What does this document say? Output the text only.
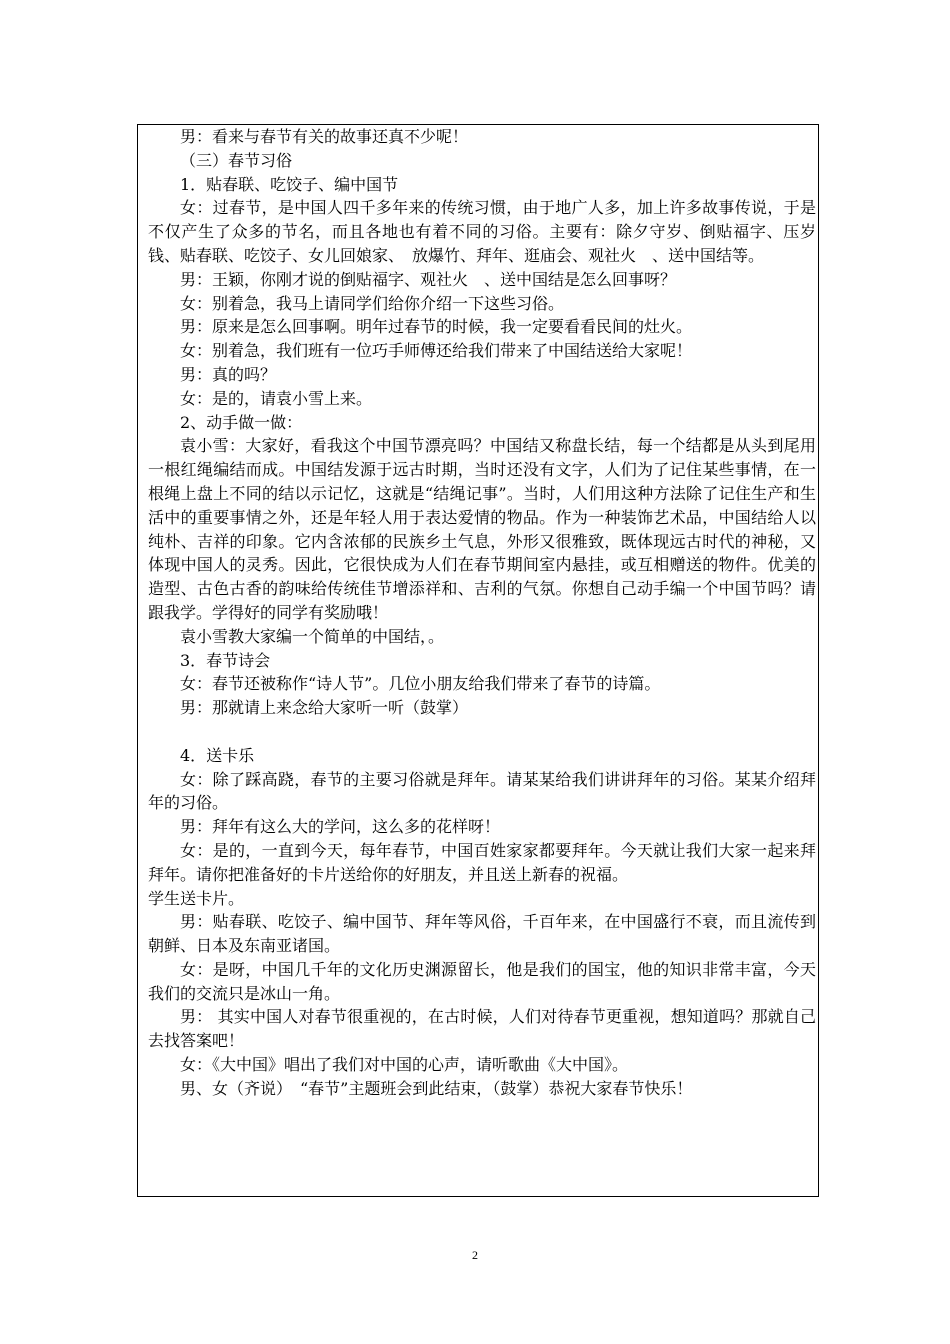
男：看来与春节有关的故事还真不少呢！

（三）春节习俗

1．贴春联、吃饺子、编中国节

女：过春节，是中国人四千多年来的传统习惯，由于地广人多，加上许多故事传说，于是不仅产生了众多的节名，而且各地也有着不同的习俗。主要有：除夕守岁、倒贴福字、压岁钱、贴春联、吃饺子、女儿回娘家、　放爆竹、拜年、逛庙会、观社火　、送中国结等。

男：王颖，你刚才说的倒贴福字、观社火　、送中国结是怎么回事呀？

女：别着急，我马上请同学们给你介绍一下这些习俗。

男：原来是怎么回事啊。明年过春节的时候，我一定要看看民间的灶火。

女：别着急，我们班有一位巧手师傅还给我们带来了中国结送给大家呢！

男：真的吗？

女：是的，请袁小雪上来。

2、动手做一做：

袁小雪：大家好，看我这个中国节漂亮吗？中国结又称盘长结，每一个结都是从头到尾用一根红绳编结而成。中国结发源于远古时期，当时还没有文字，人们为了记住某些事情，在一根绳上盘上不同的结以示记忆，这就是“结绳记事”。当时，人们用这种方法除了记住生产和生活中的重要事情之外，还是年轻人用于表达爱情的物品。作为一种装饰艺术品，中国结给人以纯朴、吉祥的印象。它内含浓郁的民族乡土气息，外形又很雅致，既体现远古时代的神秘，又体现中国人的灵秀。因此，它很快成为人们在春节期间室内悬挂，或互相赠送的物件。优美的造型、古色古香的韵味给传统佳节增添祥和、吉利的气氛。你想自己动手编一个中国节吗？请跟我学。学得好的同学有奖励哦！

袁小雪教大家编一个简单的中国结，。

3．春节诗会

女：春节还被称作“诗人节”。几位小朋友给我们带来了春节的诗篇。

男：那就请上来念给大家听一听（鼓掌）

4．送卡乐

女：除了踩高跷，春节的主要习俗就是拜年。请某某给我们讲讲拜年的习俗。某某介绍拜年的习俗。

男：拜年有这么大的学问，这么多的花样呀！

女：是的，一直到今天，每年春节，中国百姓家家都要拜年。今天就让我们大家一起来拜拜年。请你把准备好的卡片送给你的好朋友，并且送上新春的祝福。

学生送卡片。

男：贴春联、吃饺子、编中国节、拜年等风俗，千百年来，在中国盛行不衰，而且流传到朝鲜、日本及东南亚诸国。

女：是呀，中国几千年的文化历史渊源留长，他是我们的国宝，他的知识非常丰富，今天我们的交流只是冰山一角。

男： 其实中国人对春节很重视的，在古时候，人们对待春节更重视，想知道吗？那就自己去找答案吧！

女：《大中国》唱出了我们对中国的心声，请听歌曲《大中国》。

男、女（齐说）　“春节”主题班会到此结束，（鼓掌）恭祝大家春节快乐！

2
